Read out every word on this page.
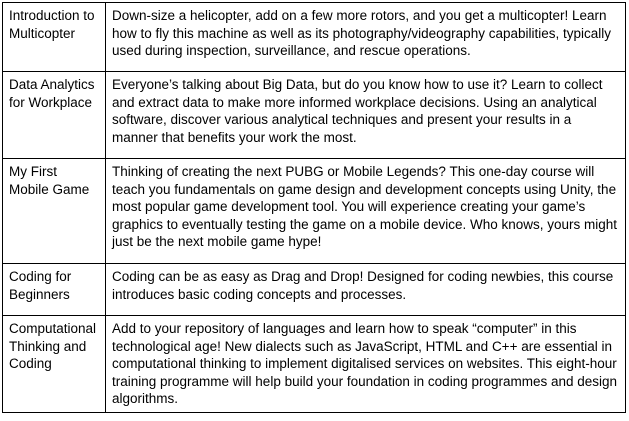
Introduction to Multicopter	Down-size a helicopter, add on a few more rotors, and you get a multicopter! Learn how to fly this machine as well as its photography/videography capabilities, typically used during inspection, surveillance, and rescue operations.
Data Analytics for Workplace	Everyone’s talking about Big Data, but do you know how to use it? Learn to collect and extract data to make more informed workplace decisions. Using an analytical software, discover various analytical techniques and present your results in a manner that benefits your work the most.
My First Mobile Game	Thinking of creating the next PUBG or Mobile Legends? This one-day course will teach you fundamentals on game design and development concepts using Unity, the most popular game development tool. You will experience creating your game’s graphics to eventually testing the game on a mobile device. Who knows, yours might just be the next mobile game hype!
Coding for Beginners	Coding can be as easy as Drag and Drop! Designed for coding newbies, this course introduces basic coding concepts and processes.
Computational Thinking and Coding	Add to your repository of languages and learn how to speak “computer” in this technological age! New dialects such as JavaScript, HTML and C++ are essential in computational thinking to implement digitalised services on websites. This eight-hour training programme will help build your foundation in coding programmes and design algorithms.
